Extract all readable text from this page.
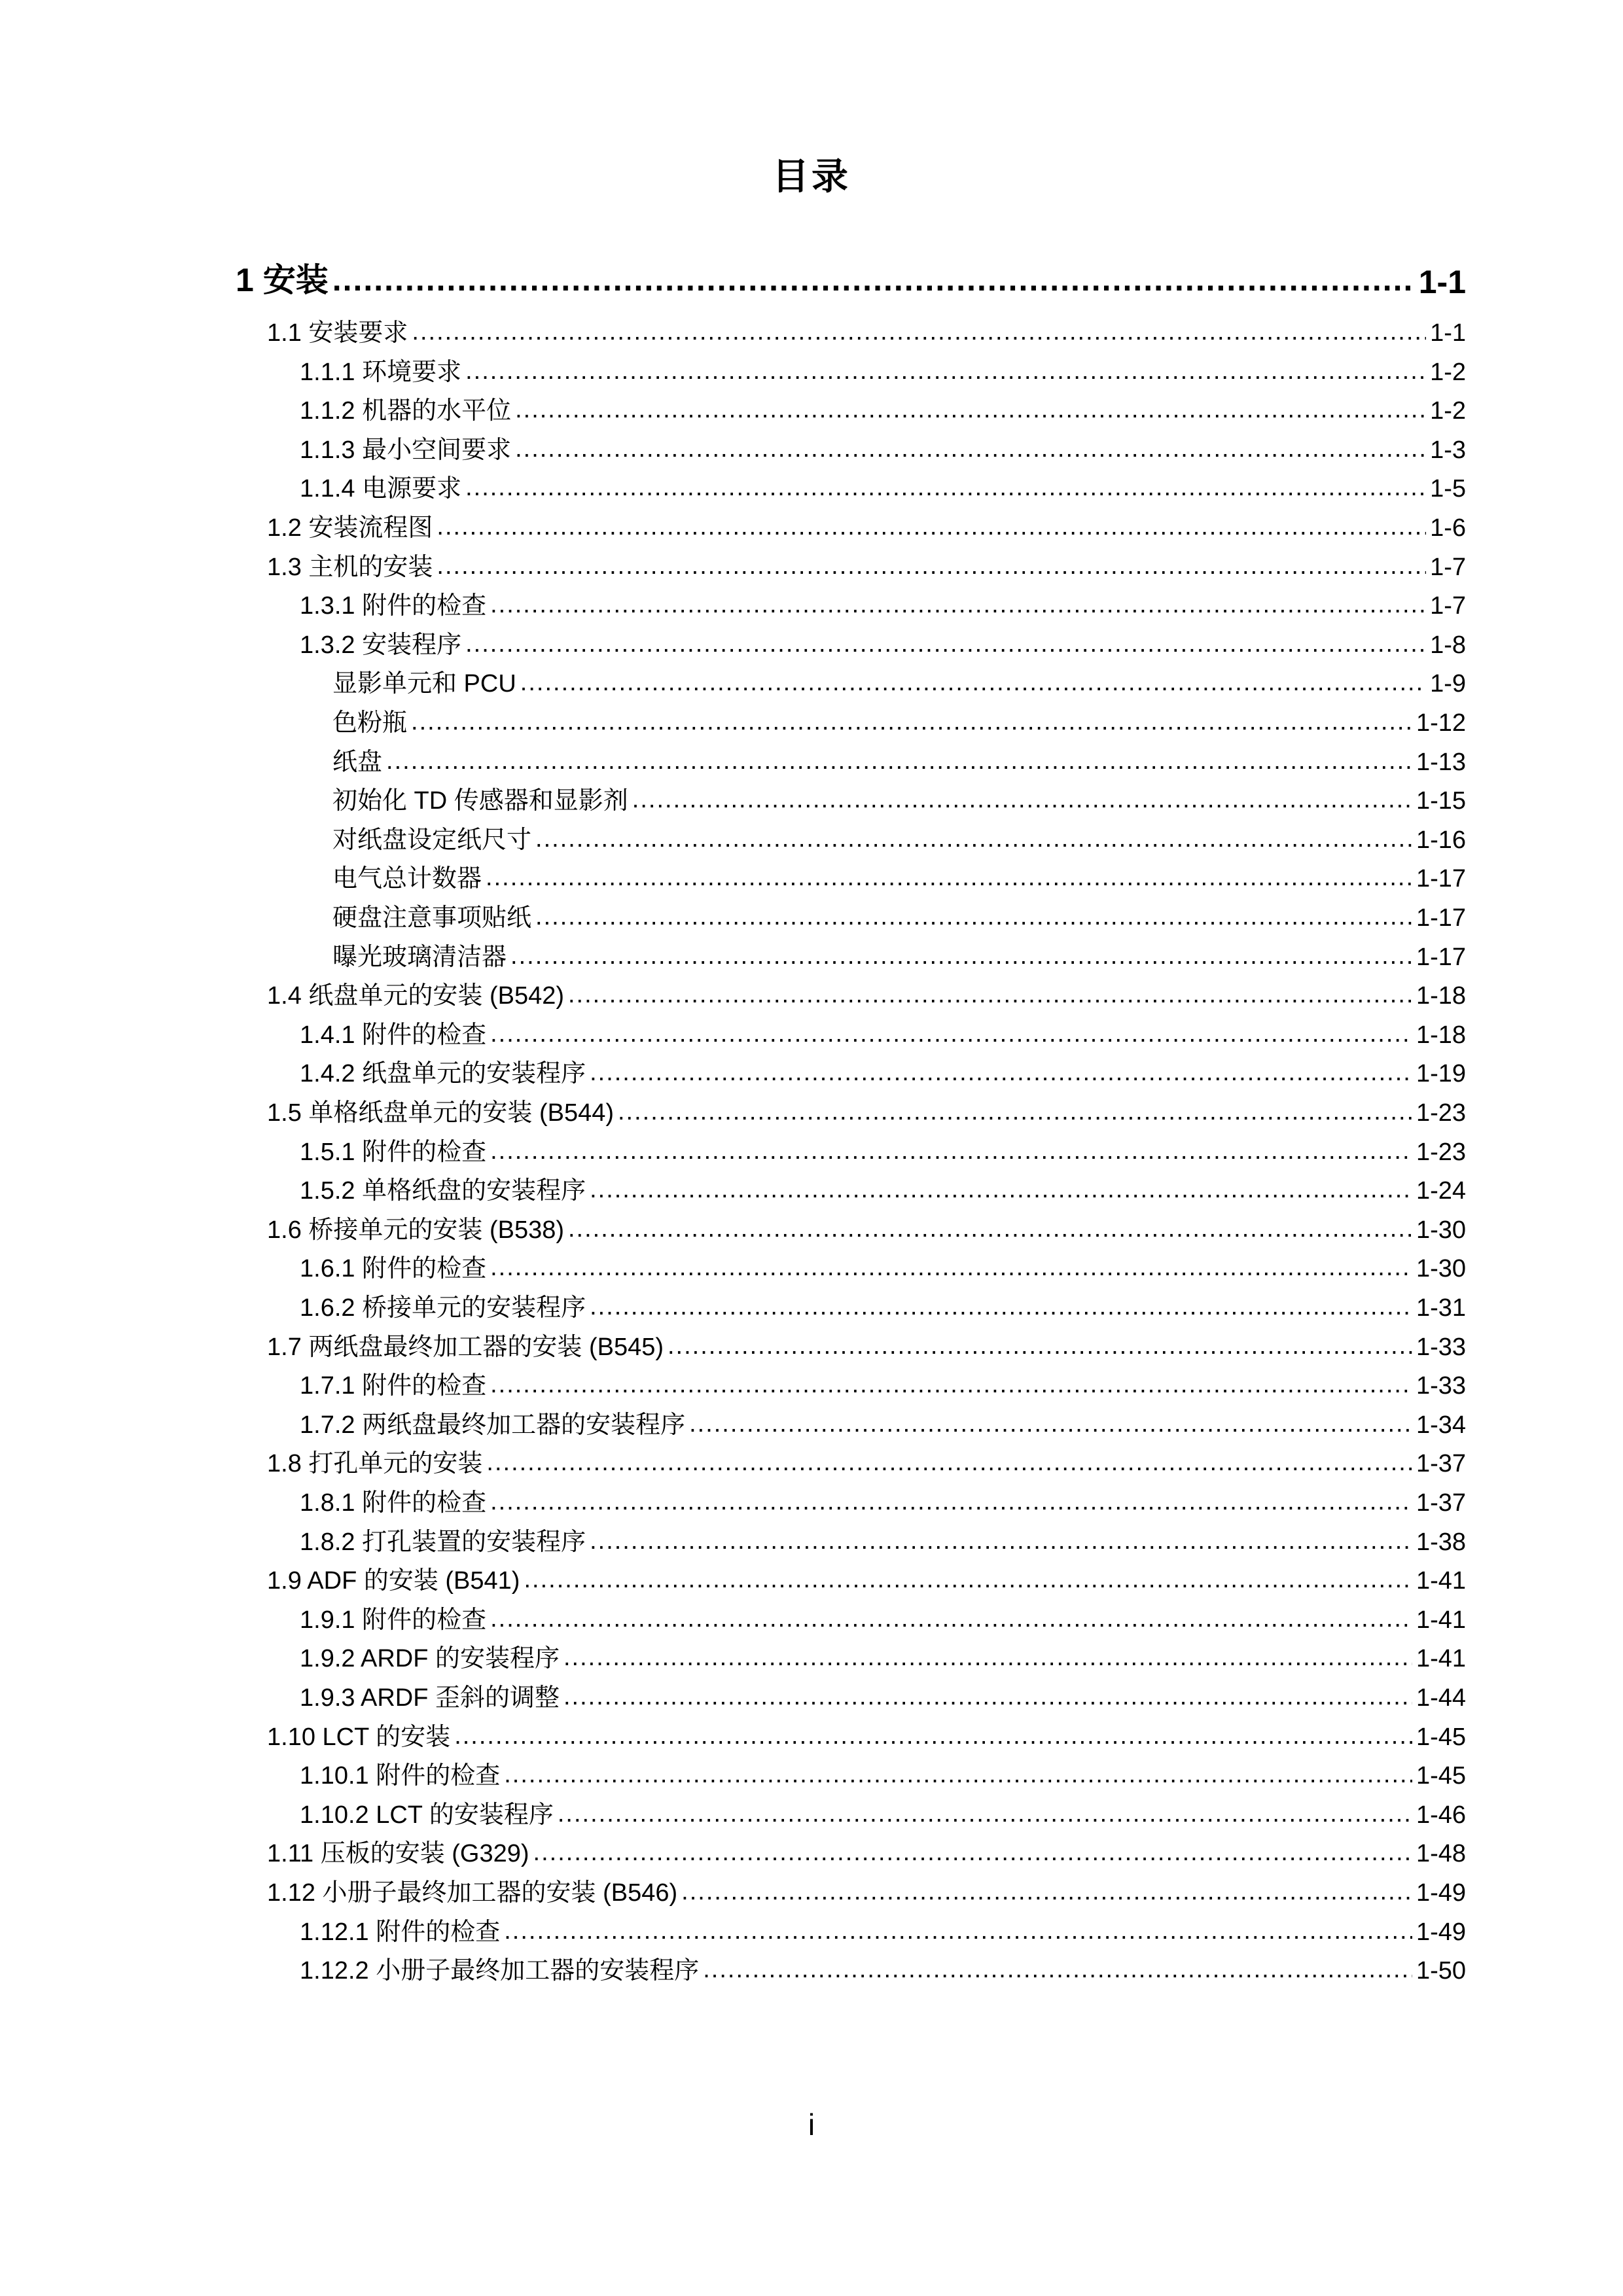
目录
1 安装 .....	1-1
1.1 安装要求 .....	1-1
1.1.1 环境要求 .....	1-2
1.1.2 机器的水平位 .....	1-2
1.1.3 最小空间要求 .....	1-3
1.1.4 电源要求 .....	1-5
1.2 安装流程图 .....	1-6
1.3 主机的安装 .....	1-7
1.3.1 附件的检查 .....	1-7
1.3.2 安装程序 .....	1-8
显影单元和 PCU .....	1-9
色粉瓶 .....	1-12
纸盘 .....	1-13
初始化 TD 传感器和显影剂 .....	1-15
对纸盘设定纸尺寸 .....	1-16
电气总计数器 .....	1-17
硬盘注意事项贴纸 .....	1-17
曝光玻璃清洁器 .....	1-17
1.4 纸盘单元的安装 (B542) .....	1-18
1.4.1 附件的检查 .....	1-18
1.4.2 纸盘单元的安装程序 .....	1-19
1.5 单格纸盘单元的安装 (B544) .....	1-23
1.5.1 附件的检查 .....	1-23
1.5.2 单格纸盘的安装程序 .....	1-24
1.6 桥接单元的安装 (B538) .....	1-30
1.6.1 附件的检查 .....	1-30
1.6.2 桥接单元的安装程序 .....	1-31
1.7 两纸盘最终加工器的安装 (B545) .....	1-33
1.7.1 附件的检查 .....	1-33
1.7.2 两纸盘最终加工器的安装程序 .....	1-34
1.8 打孔单元的安装 .....	1-37
1.8.1 附件的检查 .....	1-37
1.8.2 打孔装置的安装程序 .....	1-38
1.9 ADF 的安装 (B541) .....	1-41
1.9.1 附件的检查 .....	1-41
1.9.2 ARDF 的安装程序 .....	1-41
1.9.3 ARDF 歪斜的调整 .....	1-44
1.10 LCT 的安装 .....	1-45
1.10.1 附件的检查 .....	1-45
1.10.2 LCT 的安装程序 .....	1-46
1.11 压板的安装 (G329) .....	1-48
1.12 小册子最终加工器的安装 (B546) .....	1-49
1.12.1 附件的检查 .....	1-49
1.12.2 小册子最终加工器的安装程序 .....	1-50
i
